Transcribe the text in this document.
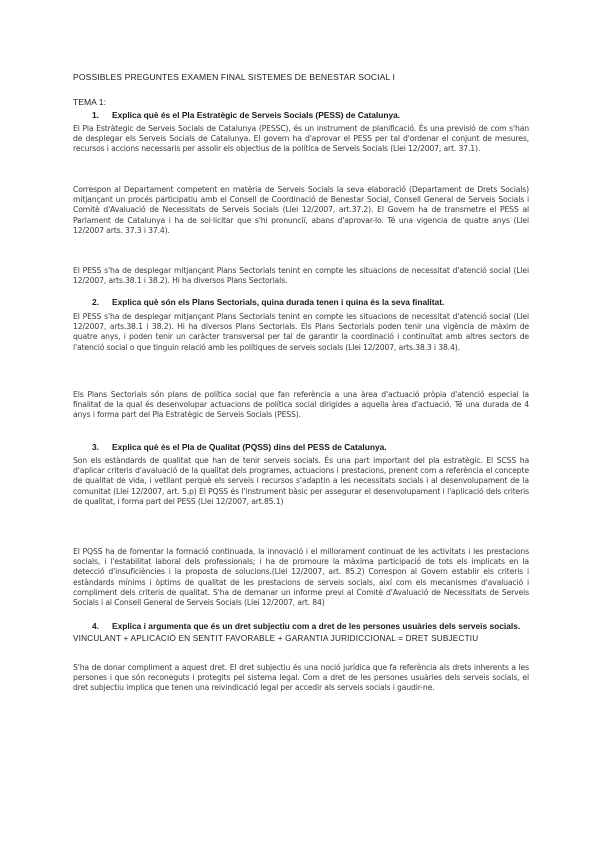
POSSIBLES PREGUNTES EXAMEN FINAL SISTEMES DE BENESTAR SOCIAL I
TEMA 1:
1. Explica què és el Pla Estratègic de Serveis Socials (PESS) de Catalunya.
El Pla Estràtegic de Serveis Socials de Catalunya (PESSC), és un instrument de planificació. És una previsió de com s'han de desplegar els Serveis Socials de Catalunya. El govern ha d'aprovar el PESS per tal d'ordenar el conjunt de mesures, recursos i accions necessaris per assolir els objectius de la política de Serveis Socials (Llei 12/2007, art. 37.1).
Correspon al Departament competent en matèria de Serveis Socials la seva elaboració (Departament de Drets Socials) mitjançant un procés participatiu amb el Consell de Coordinació de Benestar Social, Consell General de Serveis Socials i Comitè d'Avaluació de Necessitats de Serveis Socials (Llei 12/2007, art.37.2). El Govern ha de transmetre el PESS al Parlament de Catalunya i ha de sol·licitar que s'hi pronunciï, abans d'aprovar-lo. Té una vigencia de quatre anys (Llei 12/2007 arts. 37.3 i 37.4).
El PESS s'ha de desplegar mitjançant Plans Sectorials tenint en compte les situacions de necessitat d'atenció social (Llei 12/2007, arts.38.1 i 38.2). Hi ha diversos Plans Sectorials.
2. Explica què són els Plans Sectorials, quina durada tenen i quina és la seva finalitat.
El PESS s'ha de desplegar mitjançant Plans Sectorials tenint en compte les situacions de necessitat d'atenció social (Llei 12/2007, arts.38.1 i 38.2). Hi ha diversos Plans Sectorials. Els Plans Sectorials poden tenir una vigència de màxim de quatre anys, i poden tenir un caràcter transversal per tal de garantir la coordinació i continuïtat amb altres sectors de l'atenció social o que tinguin relació amb les polítiques de serveis socials (Llei 12/2007, arts.38.3 i 38.4).
Els Plans Sectorials són plans de política social que fan referència a una àrea d'actuació pròpia d'atenció especial la finalitat de la qual és desenvolupar actuacions de política social dirigides a aquella àrea d'actuació. Té una durada de 4 anys i forma part del Pla Estratègic de Serveis Socials (PESS).
3. Explica què és el Pla de Qualitat (PQSS) dins del PESS de Catalunya.
Son els estàndards de qualitat que han de tenir serveis socials. És una part important del pla estratègic. El SCSS ha d'aplicar criteris d'avaluació de la qualitat dels programes, actuacions i prestacions, prenent com a referència el concepte de qualitat de vida, i vetllant perquè els serveis i recursos s'adaptin a les necessitats socials i al desenvolupament de la comunitat (Llei 12/2007, art. 5.p) El PQSS és l'instrument bàsic per assegurar el desenvolupament i l'aplicació dels criteris de qualitat, i forma part del PESS (Llei 12/2007, art.85.1)
El PQSS ha de fomentar la formació continuada, la innovació i el millorament continuat de les activitats i les prestacions socials, i l'estabilitat laboral dels professionals; i ha de promoure la màxima participació de tots els implicats en la detecció d'insuficiències i la proposta de solucions.(Llei 12/2007, art. 85.2) Correspon al Govern establir els criteris i estàndards mínims i òptims de qualitat de les prestacions de serveis socials, així com els mecanismes d'avaluació i compliment dels criteris de qualitat. S'ha de demanar un informe previ al Comitè d'Avaluació de Necessitats de Serveis Socials i al Consell General de Serveis Socials (Llei 12/2007, art. 84)
4. Explica i argumenta que és un dret subjectiu com a dret de les persones usuàries dels serveis socials.
VINCULANT + APLICACIÓ EN SENTIT FAVORABLE + GARANTIA JURIDICCIONAL = DRET SUBJECTIU
S'ha de donar compliment a aquest dret. El dret subjectiu és una noció jurídica que fa referència als drets inherents a les persones i que són reconeguts i protegits pel sistema legal. Com a dret de les persones usuàries dels serveis socials, el dret subjectiu implica que tenen una reivindicació legal per accedir als serveis socials i gaudir-ne.
